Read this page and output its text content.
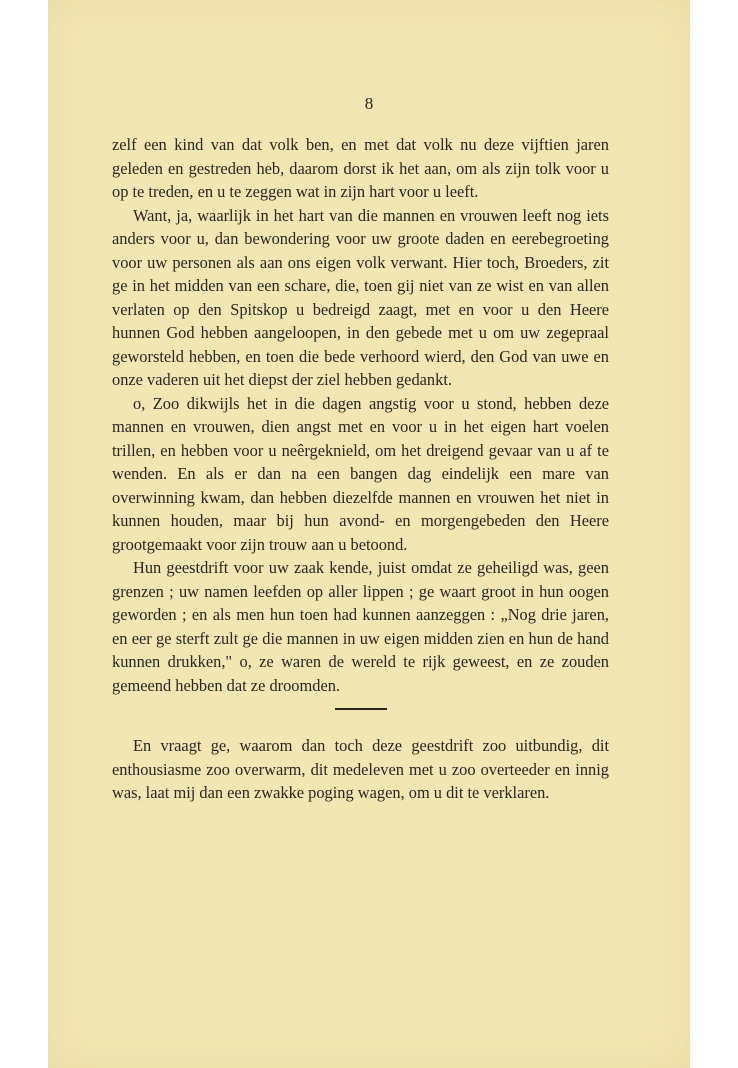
8

zelf een kind van dat volk ben, en met dat volk nu deze vijftien jaren geleden en gestreden heb, daarom dorst ik het aan, om als zijn tolk voor u op te treden, en u te zeggen wat in zijn hart voor u leeft.

Want, ja, waarlijk in het hart van die mannen en vrouwen leeft nog iets anders voor u, dan bewondering voor uw groote daden en eerebegroeting voor uw personen als aan ons eigen volk verwant. Hier toch, Broeders, zit ge in het midden van een schare, die, toen gij niet van ze wist en van allen verlaten op den Spitskop u bedreigd zaagt, met en voor u den Heere hunnen God hebben aangeloopen, in den gebede met u om uw zegepraal geworsteld hebben, en toen die bede verhoord wierd, den God van uwe en onze vaderen uit het diepst der ziel hebben gedankt.

o, Zoo dikwijls het in die dagen angstig voor u stond, hebben deze mannen en vrouwen, dien angst met en voor u in het eigen hart voelen trillen, en hebben voor u neêrgeknield, om het dreigend gevaar van u af te wenden. En als er dan na een bangen dag eindelijk een mare van overwinning kwam, dan hebben diezelfde mannen en vrouwen het niet in kunnen houden, maar bij hun avond- en morgengebeden den Heere grootgemaakt voor zijn trouw aan u betoond.

Hun geestdrift voor uw zaak kende, juist omdat ze geheiligd was, geen grenzen ; uw namen leefden op aller lippen ; ge waart groot in hun oogen geworden ; en als men hun toen had kunnen aanzeggen : „Nog drie jaren, en eer ge sterft zult ge die mannen in uw eigen midden zien en hun de hand kunnen drukken," o, ze waren de wereld te rijk geweest, en ze zouden gemeend hebben dat ze droomden.

En vraagt ge, waarom dan toch deze geestdrift zoo uitbundig, dit enthousiasme zoo overwarm, dit medeleven met u zoo overteeder en innig was, laat mij dan een zwakke poging wagen, om u dit te verklaren.
